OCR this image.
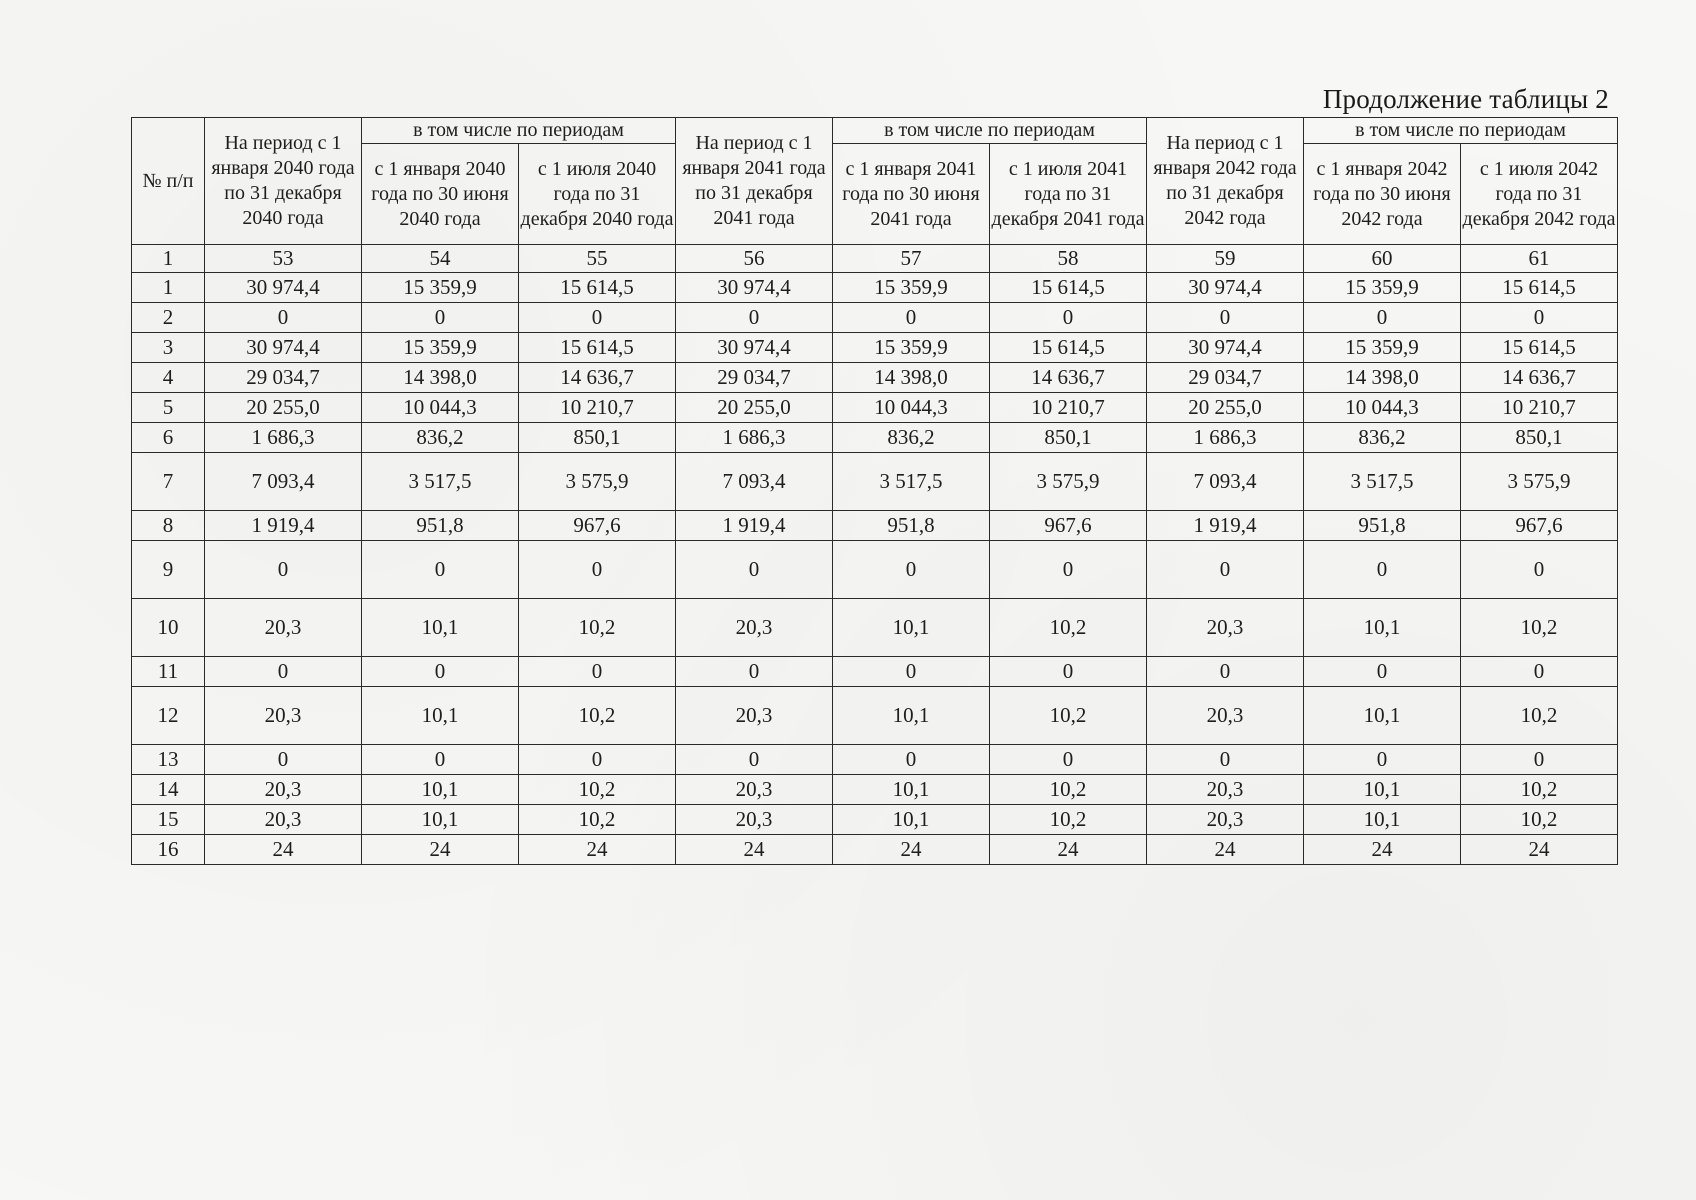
Продолжение таблицы 2
№ п/п	На период с 1 января 2040 года по 31 декабря 2040 года	в том числе по периодам		На период с 1 января 2041 года по 31 декабря 2041 года	в том числе по периодам		На период с 1 января 2042 года по 31 декабря 2042 года	в том числе по периодам	
		с 1 января 2040 года по 30 июня 2040 года	с 1 июля 2040 года по 31 декабря 2040 года		с 1 января 2041 года по 30 июня 2041 года	с 1 июля 2041 года по 31 декабря 2041 года		с 1 января 2042 года по 30 июня 2042 года	с 1 июля 2042 года по 31 декабря 2042 года
1	53	54	55	56	57	58	59	60	61
1	30 974,4	15 359,9	15 614,5	30 974,4	15 359,9	15 614,5	30 974,4	15 359,9	15 614,5
2	0	0	0	0	0	0	0	0	0
3	30 974,4	15 359,9	15 614,5	30 974,4	15 359,9	15 614,5	30 974,4	15 359,9	15 614,5
4	29 034,7	14 398,0	14 636,7	29 034,7	14 398,0	14 636,7	29 034,7	14 398,0	14 636,7
5	20 255,0	10 044,3	10 210,7	20 255,0	10 044,3	10 210,7	20 255,0	10 044,3	10 210,7
6	1 686,3	836,2	850,1	1 686,3	836,2	850,1	1 686,3	836,2	850,1
7	7 093,4	3 517,5	3 575,9	7 093,4	3 517,5	3 575,9	7 093,4	3 517,5	3 575,9
8	1 919,4	951,8	967,6	1 919,4	951,8	967,6	1 919,4	951,8	967,6
9	0	0	0	0	0	0	0	0	0
10	20,3	10,1	10,2	20,3	10,1	10,2	20,3	10,1	10,2
11	0	0	0	0	0	0	0	0	0
12	20,3	10,1	10,2	20,3	10,1	10,2	20,3	10,1	10,2
13	0	0	0	0	0	0	0	0	0
14	20,3	10,1	10,2	20,3	10,1	10,2	20,3	10,1	10,2
15	20,3	10,1	10,2	20,3	10,1	10,2	20,3	10,1	10,2
16	24	24	24	24	24	24	24	24	24
